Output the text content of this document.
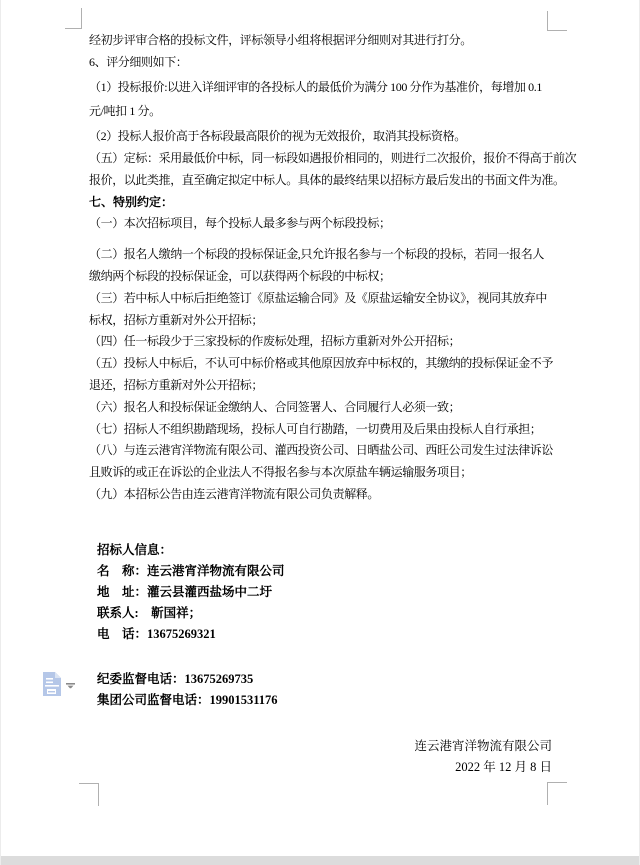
经初步评审合格的投标文件，评标领导小组将根据评分细则对其进行打分。
6、评分细则如下：
（1）投标报价:以进入详细评审的各投标人的最低价为满分 100 分作为基准价，每增加 0.1
元/吨扣 1 分。
（2）投标人报价高于各标段最高限价的视为无效报价，取消其投标资格。
（五）定标：采用最低价中标，同一标段如遇报价相同的，则进行二次报价，报价不得高于前次
报价，以此类推，直至确定拟定中标人。具体的最终结果以招标方最后发出的书面文件为准。
七、特别约定：
（一）本次招标项目，每个投标人最多参与两个标段投标；
（二）报名人缴纳一个标段的投标保证金,只允许报名参与一个标段的投标，若同一报名人
缴纳两个标段的投标保证金，可以获得两个标段的中标权；
（三）若中标人中标后拒绝签订《原盐运输合同》及《原盐运输安全协议》，视同其放弃中
标权，招标方重新对外公开招标；
（四）任一标段少于三家投标的作废标处理，招标方重新对外公开招标；
（五）投标人中标后，不认可中标价格或其他原因放弃中标权的，其缴纳的投标保证金不予
退还，招标方重新对外公开招标；
（六）报名人和投标保证金缴纳人、合同签署人、合同履行人必须一致；
（七）招标人不组织勘踏现场，投标人可自行勘踏，一切费用及后果由投标人自行承担；
（八）与连云港宵洋物流有限公司、灌西投资公司、日晒盐公司、西旺公司发生过法律诉讼
且败诉的或正在诉讼的企业法人不得报名参与本次原盐车辆运输服务项目；
（九）本招标公告由连云港宵洋物流有限公司负责解释。
招标人信息：
名　称：连云港宵洋物流有限公司
地　址：灌云县灌西盐场中二圩
联系人:　靳国祥；
电　话：13675269321
纪委监督电话：13675269735
集团公司监督电话：19901531176
连云港宵洋物流有限公司
2022 年 12 月 8 日
